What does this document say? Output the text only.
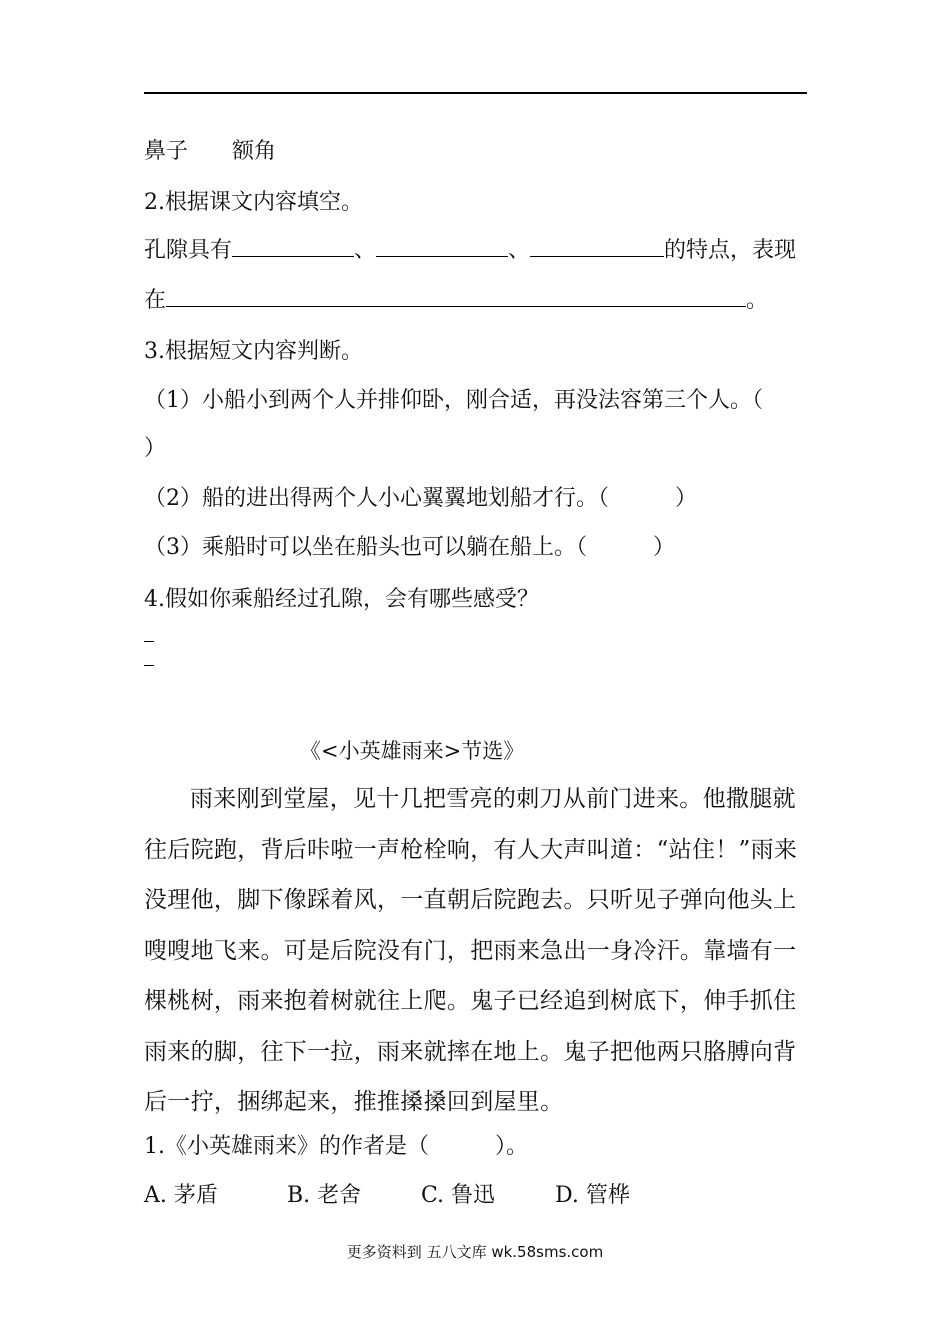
鼻子 额角
2.根据课文内容填空。
孔隙具有	、	、	的特点，表现
在	。
3.根据短文内容判断。
（1）小船小到两个人并排仰卧，刚合适，再没法容第三个人。（
）
（2）船的进出得两个人小心翼翼地划船才行。（　　　）
（3）乘船时可以坐在船头也可以躺在船上。（　　　）
4.假如你乘船经过孔隙，会有哪些感受？
《<小英雄雨来>节选》
雨来刚到堂屋，见十几把雪亮的刺刀从前门进来。他撒腿就往后院跑，背后咔啦一声枪栓响，有人大声叫道：“站住！”雨来没理他，脚下像踩着风，一直朝后院跑去。只听见子弹向他头上嗖嗖地飞来。可是后院没有门，把雨来急出一身冷汗。靠墙有一棵桃树，雨来抱着树就往上爬。鬼子已经追到树底下，伸手抓住雨来的脚，往下一拉，雨来就摔在地上。鬼子把他两只胳膊向背后一拧，捆绑起来，推推搡搡回到屋里。
1.《小英雄雨来》的作者是（　　　）。
A. 茅盾	B. 老舍	C. 鲁迅	D. 管桦
更多资料到 五八文库 wk.58sms.com
